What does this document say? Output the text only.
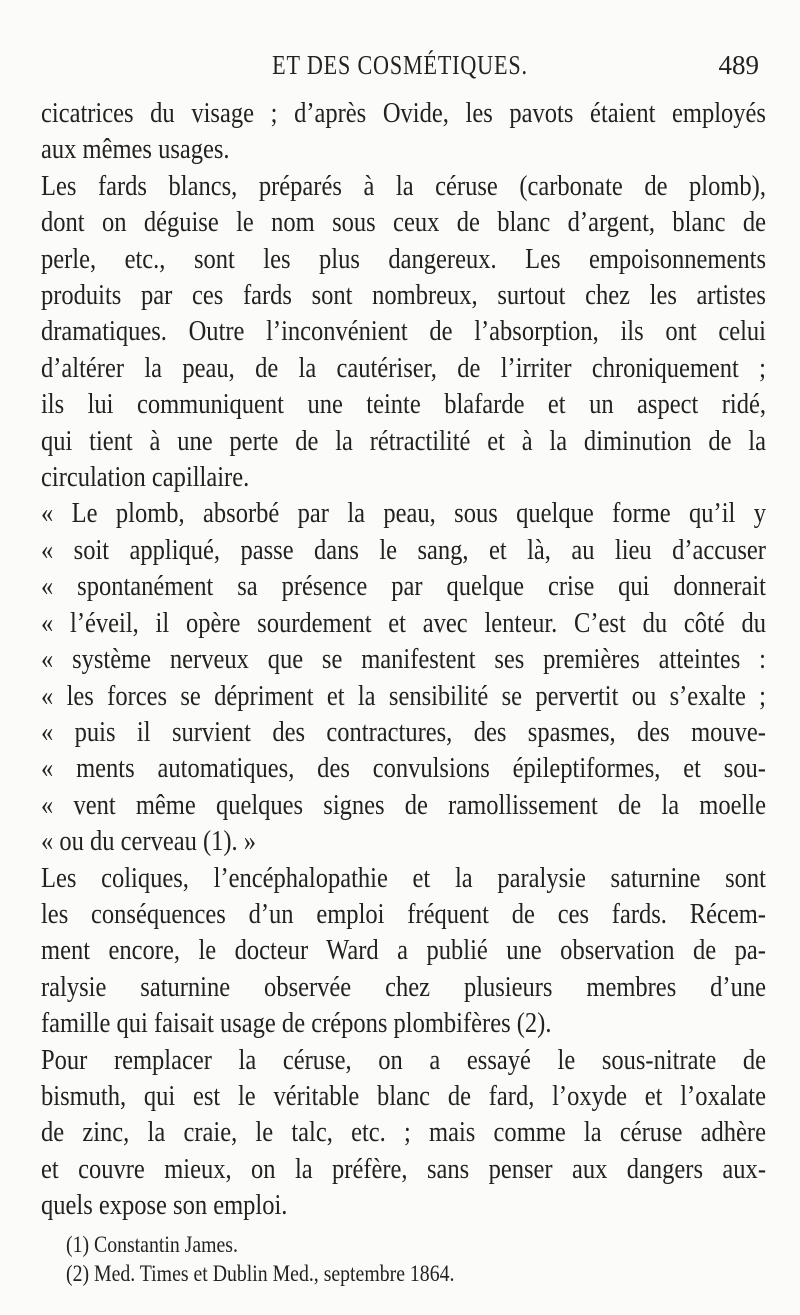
ET DES COSMÉTIQUES.	489
cicatrices du visage ; d’après Ovide, les pavots étaient employés
aux mêmes usages.
Les fards blancs, préparés à la céruse (carbonate de plomb),
dont on déguise le nom sous ceux de blanc d’argent, blanc de
perle, etc., sont les plus dangereux. Les empoisonnements
produits par ces fards sont nombreux, surtout chez les artistes
dramatiques. Outre l’inconvénient de l’absorption, ils ont celui
d’altérer la peau, de la cautériser, de l’irriter chroniquement ;
ils lui communiquent une teinte blafarde et un aspect ridé,
qui tient à une perte de la rétractilité et à la diminution de la
circulation capillaire.
« Le plomb, absorbé par la peau, sous quelque forme qu’il y
« soit appliqué, passe dans le sang, et là, au lieu d’accuser
« spontanément sa présence par quelque crise qui donnerait
« l’éveil, il opère sourdement et avec lenteur. C’est du côté du
« système nerveux que se manifestent ses premières atteintes :
« les forces se dépriment et la sensibilité se pervertit ou s’exalte ;
« puis il survient des contractures, des spasmes, des mouve-
« ments automatiques, des convulsions épileptiformes, et sou-
« vent même quelques signes de ramollissement de la moelle
« ou du cerveau (1). »
Les coliques, l’encéphalopathie et la paralysie saturnine sont
les conséquences d’un emploi fréquent de ces fards. Récem-
ment encore, le docteur Ward a publié une observation de pa-
ralysie saturnine observée chez plusieurs membres d’une
famille qui faisait usage de crépons plombifères (2).
Pour remplacer la céruse, on a essayé le sous-nitrate de
bismuth, qui est le véritable blanc de fard, l’oxyde et l’oxalate
de zinc, la craie, le talc, etc. ; mais comme la céruse adhère
et couvre mieux, on la préfère, sans penser aux dangers aux-
quels expose son emploi.
(1) Constantin James.
(2) Med. Times et Dublin Med., septembre 1864.
